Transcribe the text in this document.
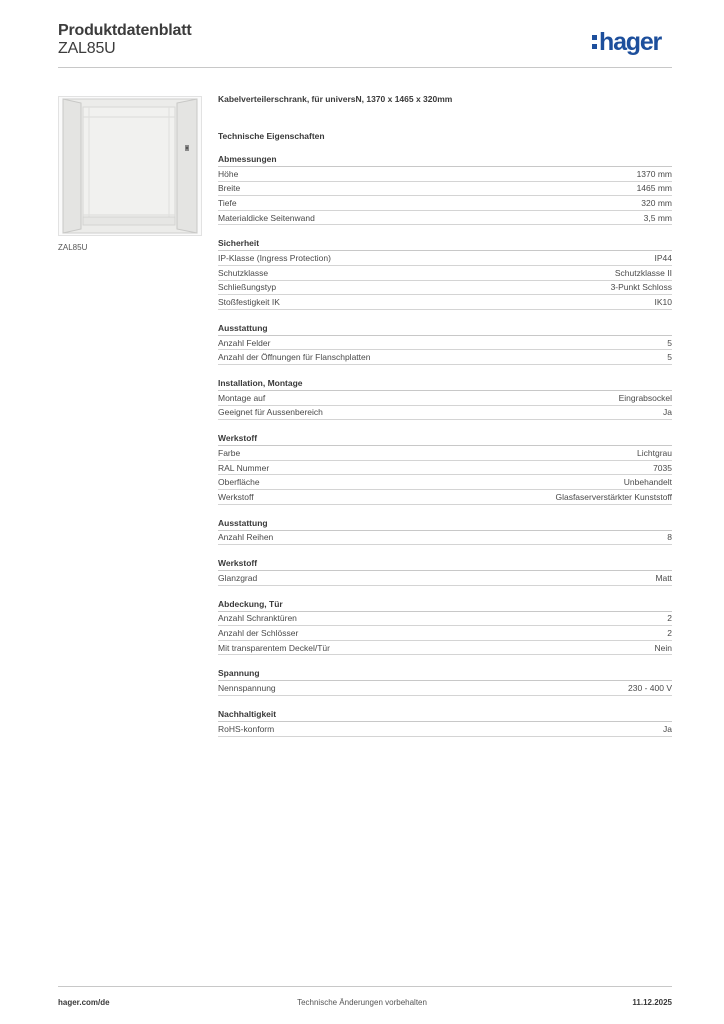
Produktdatenblatt
ZAL85U	hager
ZAL85U
Kabelverteilerschrank, für universN, 1370 x 1465 x 320mm
Technische Eigenschaften
Abmessungen
Höhe	1370 mm
Breite	1465 mm
Tiefe	320 mm
Materialdicke Seitenwand	3,5 mm
Sicherheit
IP-Klasse (Ingress Protection)	IP44
Schutzklasse	Schutzklasse II
Schließungstyp	3-Punkt Schloss
Stoßfestigkeit IK	IK10
Ausstattung
Anzahl Felder	5
Anzahl der Öffnungen für Flanschplatten	5
Installation, Montage
Montage auf	Eingrabsockel
Geeignet für Aussenbereich	Ja
Werkstoff
Farbe	Lichtgrau
RAL Nummer	7035
Oberfläche	Unbehandelt
Werkstoff	Glasfaserverstärkter Kunststoff
Ausstattung
Anzahl Reihen	8
Werkstoff
Glanzgrad	Matt
Abdeckung, Tür
Anzahl Schranktüren	2
Anzahl der Schlösser	2
Mit transparentem Deckel/Tür	Nein
Spannung
Nennspannung	230 - 400 V
Nachhaltigkeit
RoHS-konform	Ja
hager.com/de	Technische Änderungen vorbehalten	11.12.2025
